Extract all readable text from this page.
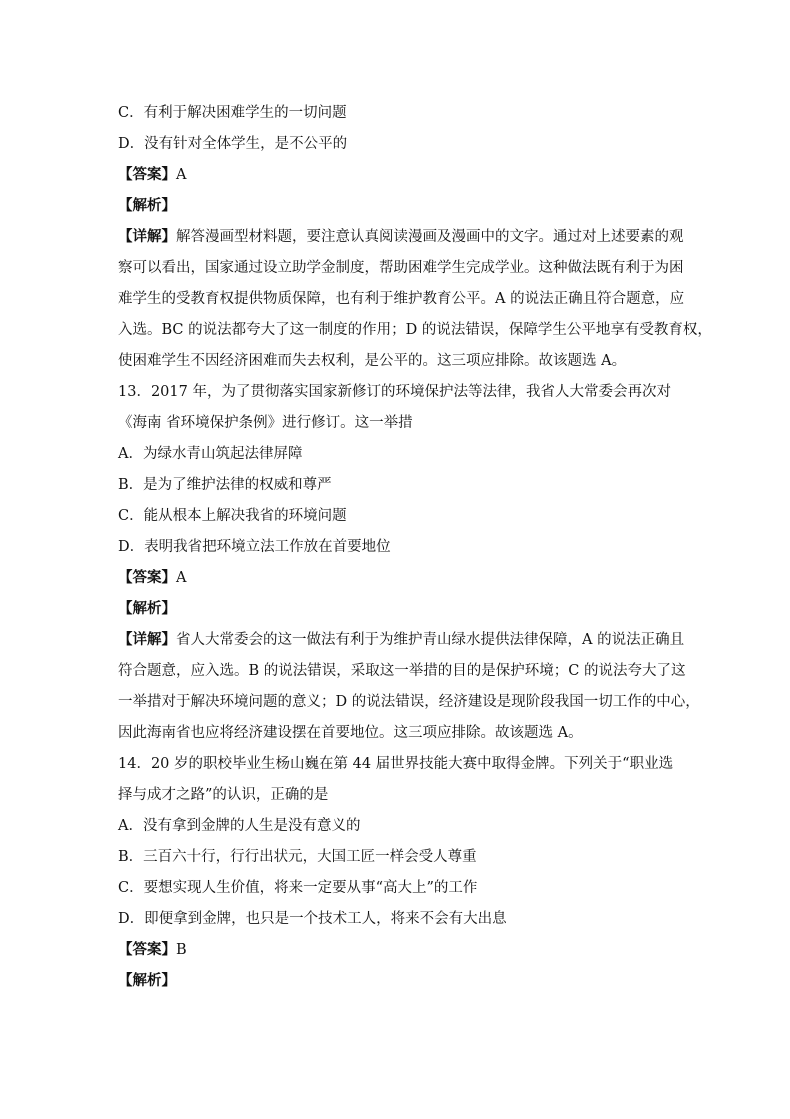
C．有利于解决困难学生的一切问题
D．没有针对全体学生，是不公平的
【答案】A
【解析】
【详解】解答漫画型材料题，要注意认真阅读漫画及漫画中的文字。通过对上述要素的观
察可以看出，国家通过设立助学金制度，帮助困难学生完成学业。这种做法既有利于为困
难学生的受教育权提供物质保障，也有利于维护教育公平。A 的说法正确且符合题意，应
入选。BC 的说法都夸大了这一制度的作用；D 的说法错误，保障学生公平地享有受教育权，
使困难学生不因经济困难而失去权利，是公平的。这三项应排除。故该题选 A。
13．2017 年，为了贯彻落实国家新修订的环境保护法等法律，我省人大常委会再次对
《海南 省环境保护条例》进行修订。这一举措
A．为绿水青山筑起法律屏障
B．是为了维护法律的权威和尊严
C．能从根本上解决我省的环境问题
D．表明我省把环境立法工作放在首要地位
【答案】A
【解析】
【详解】省人大常委会的这一做法有利于为维护青山绿水提供法律保障，A 的说法正确且
符合题意，应入选。B 的说法错误，采取这一举措的目的是保护环境；C 的说法夸大了这
一举措对于解决环境问题的意义；D 的说法错误，经济建设是现阶段我国一切工作的中心，
因此海南省也应将经济建设摆在首要地位。这三项应排除。故该题选 A。
14．20 岁的职校毕业生杨山巍在第 44 届世界技能大赛中取得金牌。下列关于“职业选
择与成才之路”的认识，正确的是
A．没有拿到金牌的人生是没有意义的
B．三百六十行，行行出状元，大国工匠一样会受人尊重
C．要想实现人生价值，将来一定要从事“高大上”的工作
D．即便拿到金牌，也只是一个技术工人，将来不会有大出息
【答案】B
【解析】
